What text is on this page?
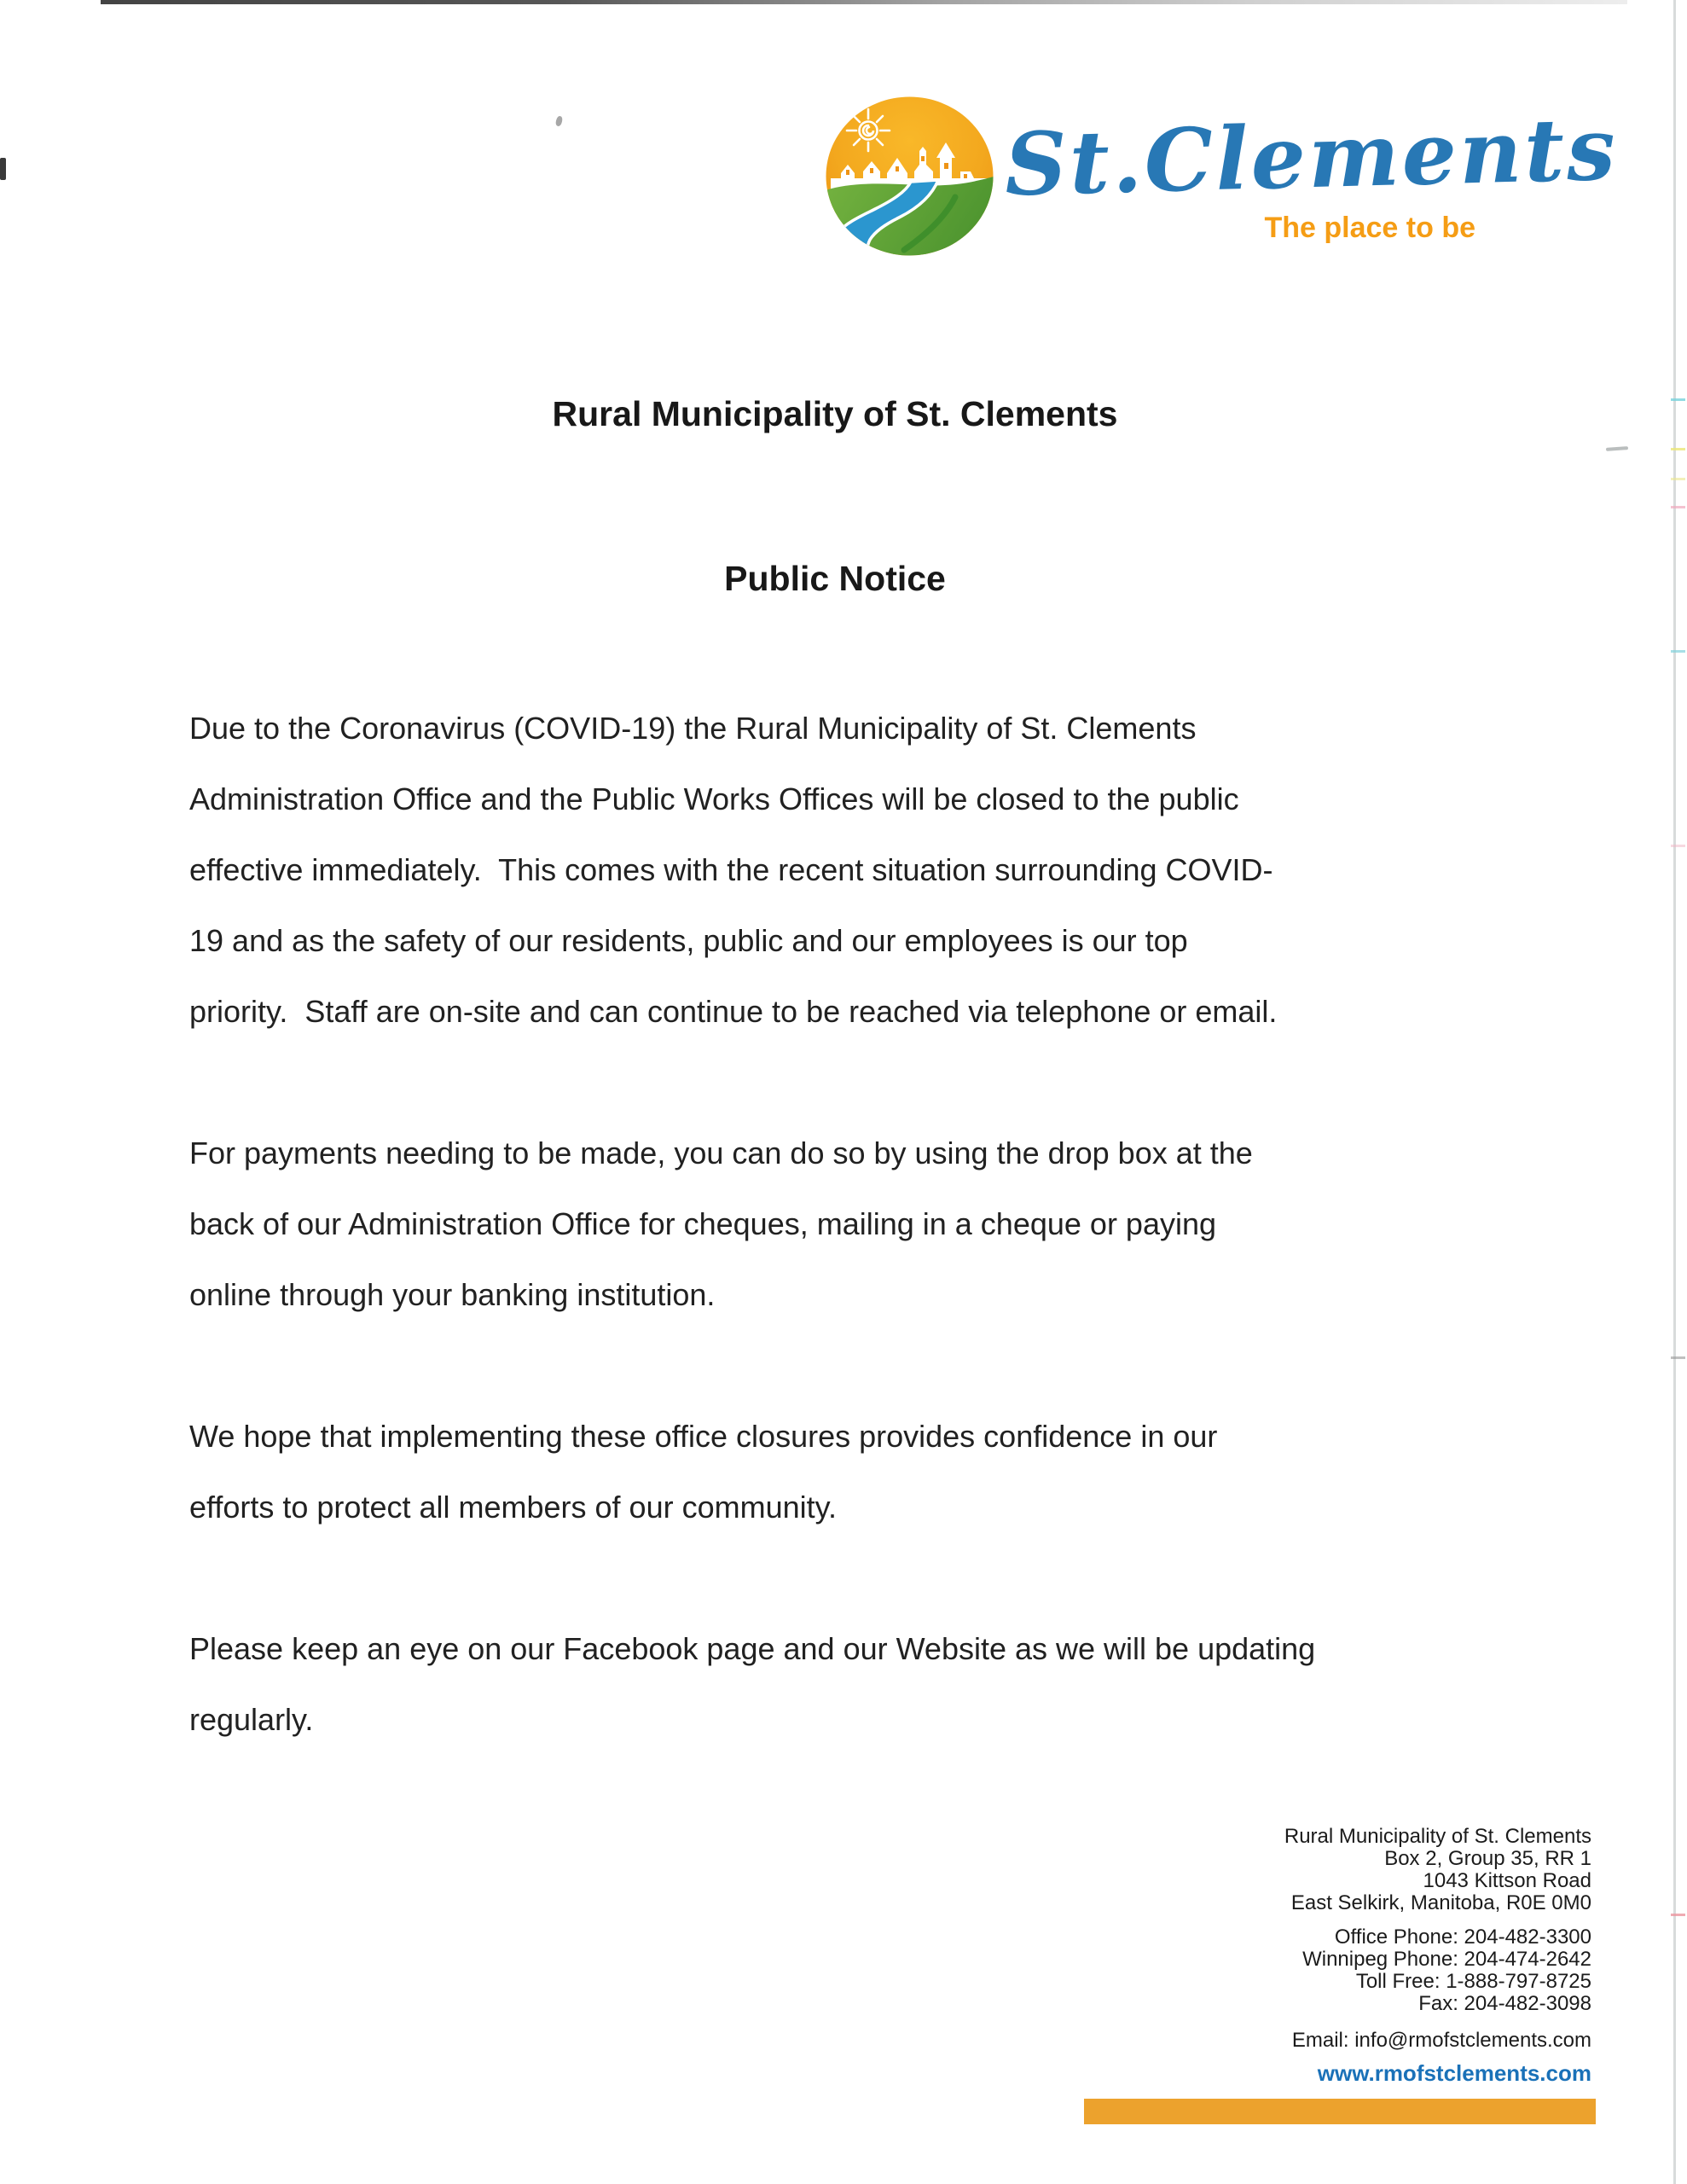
St.Clements
The place to be
Rural Municipality of St. Clements
Public Notice
Due to the Coronavirus (COVID-19) the Rural Municipality of St. Clements
Administration Office and the Public Works Offices will be closed to the public
effective immediately.  This comes with the recent situation surrounding COVID-
19 and as the safety of our residents, public and our employees is our top
priority.  Staff are on-site and can continue to be reached via telephone or email.
For payments needing to be made, you can do so by using the drop box at the
back of our Administration Office for cheques, mailing in a cheque or paying
online through your banking institution.
We hope that implementing these office closures provides confidence in our
efforts to protect all members of our community.
Please keep an eye on our Facebook page and our Website as we will be updating
regularly.
Rural Municipality of St. Clements
Box 2, Group 35, RR 1
1043 Kittson Road
East Selkirk, Manitoba, R0E 0M0
Office Phone: 204-482-3300
Winnipeg Phone: 204-474-2642
Toll Free: 1-888-797-8725
Fax: 204-482-3098
Email: info@rmofstclements.com
www.rmofstclements.com
